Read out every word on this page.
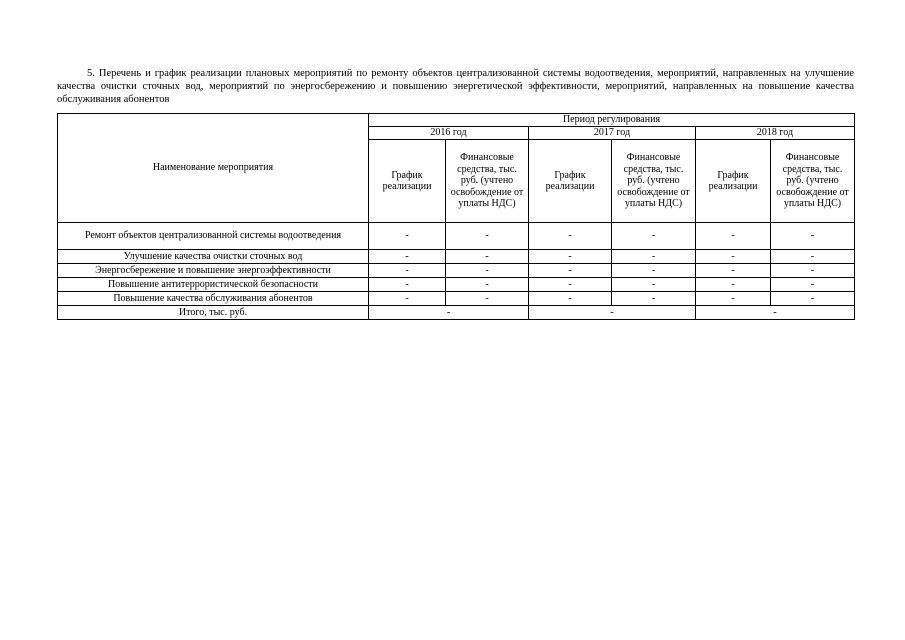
5. Перечень и график реализации плановых мероприятий по ремонту объектов централизованной системы водоотведения, мероприятий, направленных на улучшение качества очистки сточных вод, мероприятий по энергосбережению и повышению энергетической эффективности, мероприятий, направленных на повышение качества обслуживания абонентов

Наименование мероприятия	Период регулирования					
	2016 год		2017 год		2018 год	
	График реализации	Финансовые средства, тыс. руб. (учтено освобождение от уплаты НДС)	График реализации	Финансовые средства, тыс. руб. (учтено освобождение от уплаты НДС)	График реализации	Финансовые средства, тыс. руб. (учтено освобождение от уплаты НДС)
Ремонт объектов централизованной системы водоотведения	-	-	-	-	-	-
Улучшение качества очистки сточных вод	-	-	-	-	-	-
Энергосбережение и повышение энергоэффективности	-	-	-	-	-	-
Повышение антитеррористической безопасности	-	-	-	-	-	-
Повышение качества обслуживания абонентов	-	-	-	-	-	-
Итого, тыс. руб.	-		-		-	
